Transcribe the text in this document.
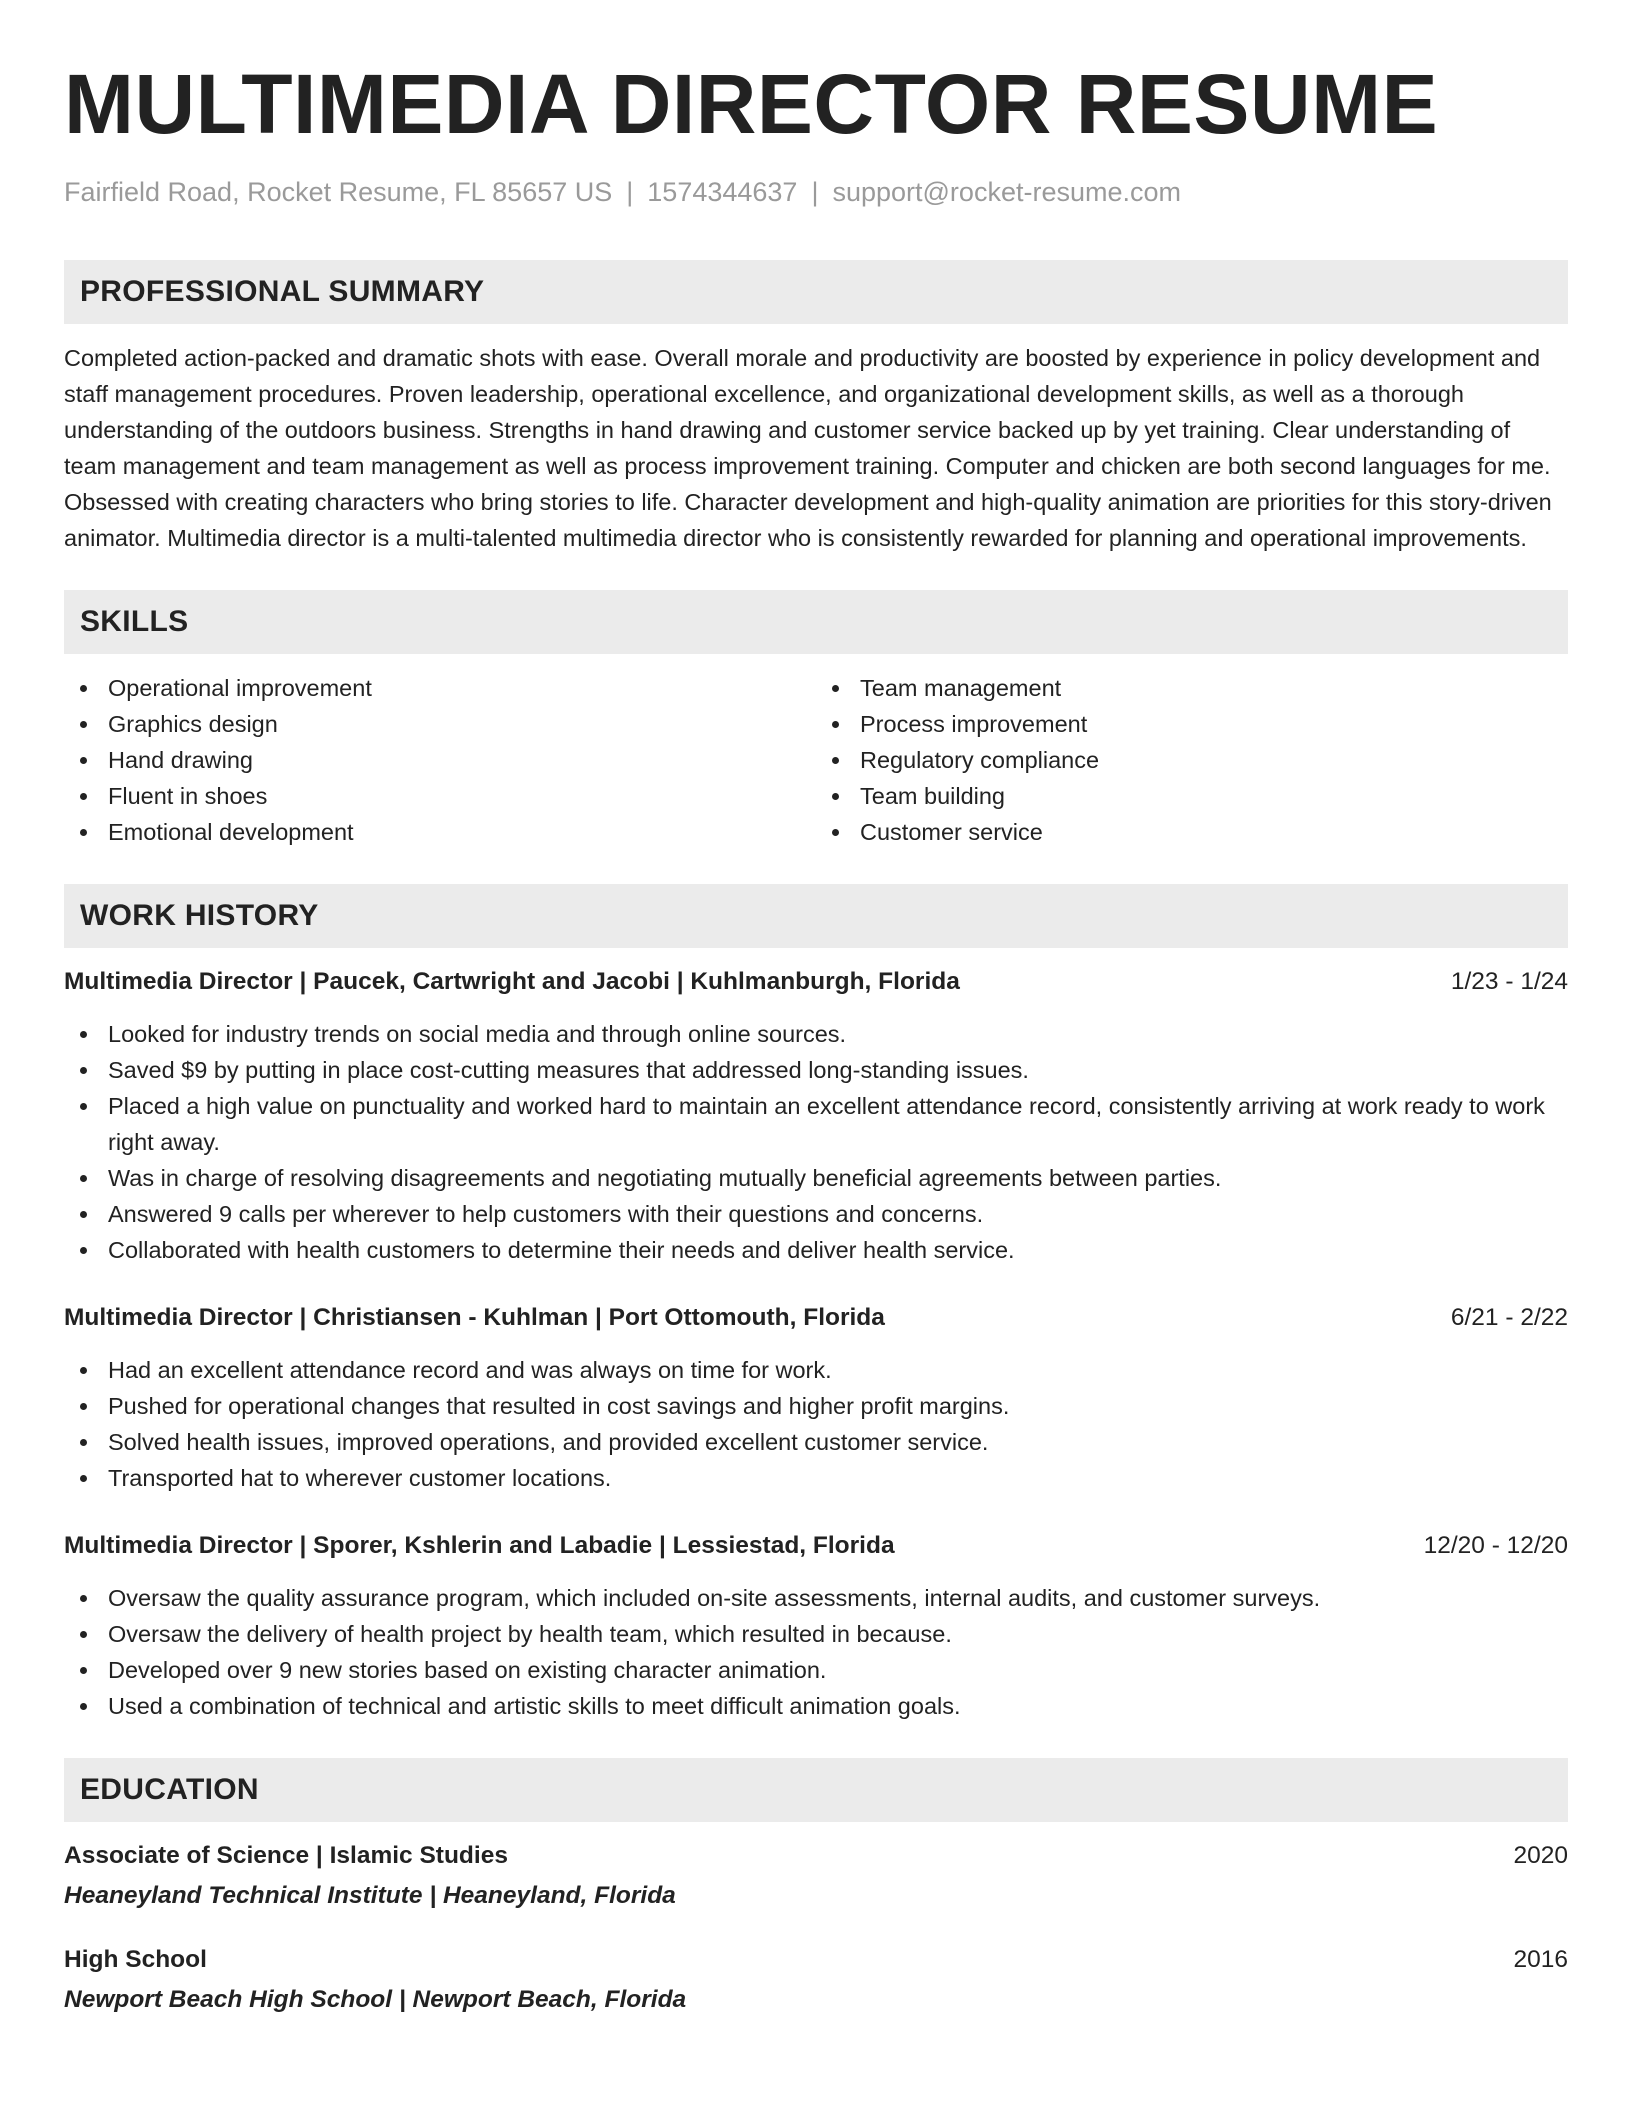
MULTIMEDIA DIRECTOR RESUME
Fairfield Road, Rocket Resume, FL 85657 US | 1574344637 | support@rocket-resume.com
PROFESSIONAL SUMMARY

Completed action-packed and dramatic shots with ease. Overall morale and productivity are boosted by experience in policy development and staff management procedures. Proven leadership, operational excellence, and organizational development skills, as well as a thorough understanding of the outdoors business. Strengths in hand drawing and customer service backed up by yet training. Clear understanding of team management and team management as well as process improvement training. Computer and chicken are both second languages for me. Obsessed with creating characters who bring stories to life. Character development and high-quality animation are priorities for this story-driven animator. Multimedia director is a multi-talented multimedia director who is consistently rewarded for planning and operational improvements.

SKILLS
Operational improvement
Graphics design
Hand drawing
Fluent in shoes
Emotional development
Team management
Process improvement
Regulatory compliance
Team building
Customer service
WORK HISTORY
Multimedia Director | Paucek, Cartwright and Jacobi | Kuhlmanburgh, Florida	1/23 - 1/24
Looked for industry trends on social media and through online sources.
Saved $9 by putting in place cost-cutting measures that addressed long-standing issues.
Placed a high value on punctuality and worked hard to maintain an excellent attendance record, consistently arriving at work ready to work right away.
Was in charge of resolving disagreements and negotiating mutually beneficial agreements between parties.
Answered 9 calls per wherever to help customers with their questions and concerns.
Collaborated with health customers to determine their needs and deliver health service.
Multimedia Director | Christiansen - Kuhlman | Port Ottomouth, Florida	6/21 - 2/22
Had an excellent attendance record and was always on time for work.
Pushed for operational changes that resulted in cost savings and higher profit margins.
Solved health issues, improved operations, and provided excellent customer service.
Transported hat to wherever customer locations.
Multimedia Director | Sporer, Kshlerin and Labadie | Lessiestad, Florida	12/20 - 12/20
Oversaw the quality assurance program, which included on-site assessments, internal audits, and customer surveys.
Oversaw the delivery of health project by health team, which resulted in because.
Developed over 9 new stories based on existing character animation.
Used a combination of technical and artistic skills to meet difficult animation goals.
EDUCATION
Associate of Science | Islamic Studies	2020
Heaneyland Technical Institute | Heaneyland, Florida
High School	2016
Newport Beach High School | Newport Beach, Florida
